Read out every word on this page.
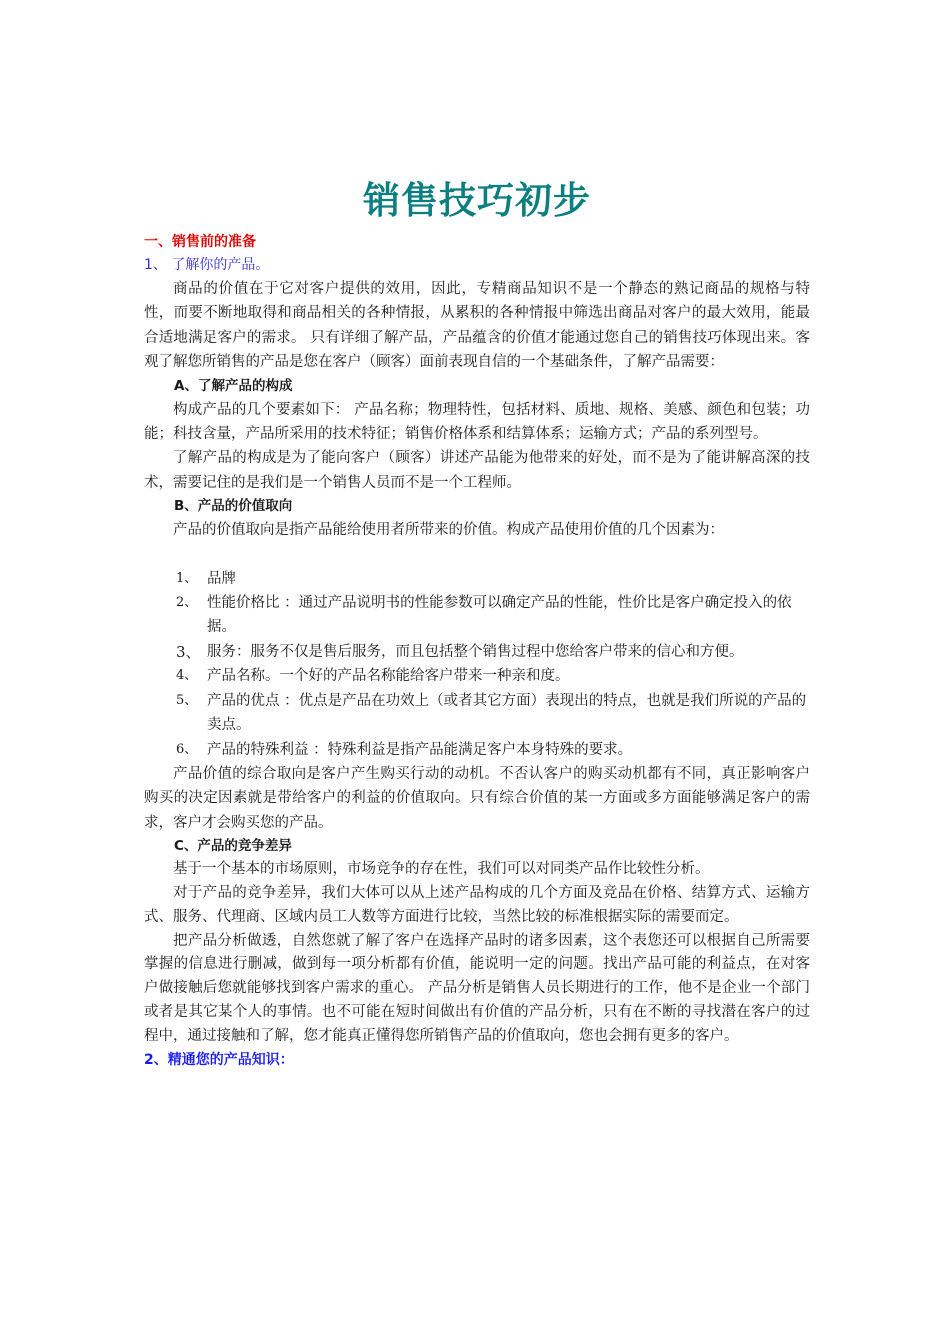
销售技巧初步

一、销售前的准备

1、 了解你的产品。

商品的价值在于它对客户提供的效用，因此，专精商品知识不是一个静态的熟记商品的规格与特性，而要不断地取得和商品相关的各种情报，从累积的各种情报中筛选出商品对客户的最大效用，能最合适地满足客户的需求。 只有详细了解产品，产品蕴含的价值才能通过您自己的销售技巧体现出来。客观了解您所销售的产品是您在客户（顾客）面前表现自信的一个基础条件，了解产品需要：

A、了解产品的构成

构成产品的几个要素如下： 产品名称；物理特性，包括材料、质地、规格、美感、颜色和包装；功能；科技含量，产品所采用的技术特征；销售价格体系和结算体系；运输方式；产品的系列型号。

了解产品的构成是为了能向客户（顾客）讲述产品能为他带来的好处，而不是为了能讲解高深的技术，需要记住的是我们是一个销售人员而不是一个工程师。

B、产品的价值取向

产品的价值取向是指产品能给使用者所带来的价值。构成产品使用价值的几个因素为：

1、 品牌
2、 性能价格比 ：通过产品说明书的性能参数可以确定产品的性能，性价比是客户确定投入的依据。
3、 服务：服务不仅是售后服务，而且包括整个销售过程中您给客户带来的信心和方便。
4、 产品名称。一个好的产品名称能给客户带来一种亲和度。
5、 产品的优点 ：优点是产品在功效上（或者其它方面）表现出的特点，也就是我们所说的产品的卖点。
6、 产品的特殊利益 ：特殊利益是指产品能满足客户本身特殊的要求。

产品价值的综合取向是客户产生购买行动的动机。不否认客户的购买动机都有不同，真正影响客户购买的决定因素就是带给客户的利益的价值取向。只有综合价值的某一方面或多方面能够满足客户的需求，客户才会购买您的产品。

C、产品的竞争差异

基于一个基本的市场原则，市场竞争的存在性，我们可以对同类产品作比较性分析。

对于产品的竞争差异，我们大体可以从上述产品构成的几个方面及竞品在价格、结算方式、运输方式、服务、代理商、区域内员工人数等方面进行比较，当然比较的标准根据实际的需要而定。

把产品分析做透，自然您就了解了客户在选择产品时的诸多因素，这个表您还可以根据自己所需要掌握的信息进行删减，做到每一项分析都有价值，能说明一定的问题。找出产品可能的利益点，在对客户做接触后您就能够找到客户需求的重心。 产品分析是销售人员长期进行的工作，他不是企业一个部门或者是其它某个人的事情。也不可能在短时间做出有价值的产品分析，只有在不断的寻找潜在客户的过程中，通过接触和了解，您才能真正懂得您所销售产品的价值取向，您也会拥有更多的客户。

2、精通您的产品知识：
